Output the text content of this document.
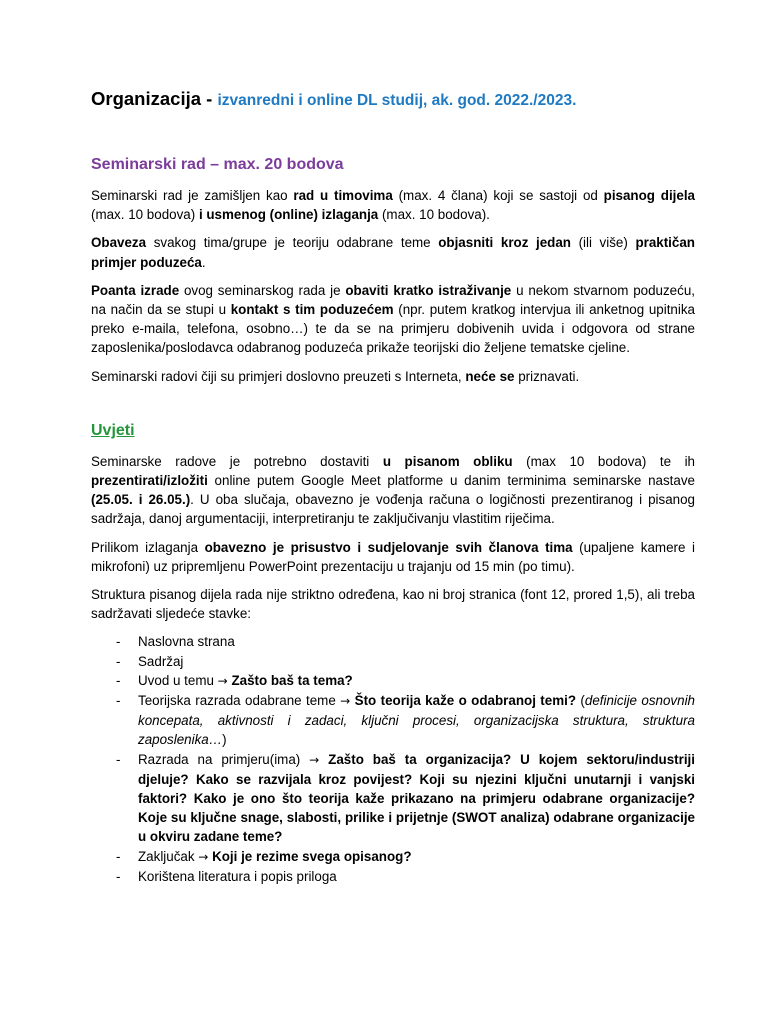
Organizacija - izvanredni i online DL studij, ak. god. 2022./2023.
Seminarski rad – max. 20 bodova

Seminarski rad je zamišljen kao rad u timovima (max. 4 člana) koji se sastoji od pisanog dijela (max. 10 bodova) i usmenog (online) izlaganja (max. 10 bodova).

Obaveza svakog tima/grupe je teoriju odabrane teme objasniti kroz jedan (ili više) praktičan primjer poduzeća.

Poanta izrade ovog seminarskog rada je obaviti kratko istraživanje u nekom stvarnom poduzeću, na način da se stupi u kontakt s tim poduzećem (npr. putem kratkog intervjua ili anketnog upitnika preko e-maila, telefona, osobno…) te da se na primjeru dobivenih uvida i odgovora od strane zaposlenika/poslodavca odabranog poduzeća prikaže teorijski dio željene tematske cjeline.

Seminarski radovi čiji su primjeri doslovno preuzeti s Interneta, neće se priznavati.

Uvjeti

Seminarske radove je potrebno dostaviti u pisanom obliku (max 10 bodova) te ih prezentirati/izložiti online putem Google Meet platforme u danim terminima seminarske nastave (25.05. i 26.05.). U oba slučaja, obavezno je vođenja računa o logičnosti prezentiranog i pisanog sadržaja, danoj argumentaciji, interpretiranju te zaključivanju vlastitim riječima.

Prilikom izlaganja obavezno je prisustvo i sudjelovanje svih članova tima (upaljene kamere i mikrofoni) uz pripremljenu PowerPoint prezentaciju u trajanju od 15 min (po timu).

Struktura pisanog dijela rada nije striktno određena, kao ni broj stranica (font 12, prored 1,5), ali treba sadržavati sljedeće stavke:

- Naslovna strana
- Sadržaj
- Uvod u temu → Zašto baš ta tema?
- Teorijska razrada odabrane teme → Što teorija kaže o odabranoj temi? (definicije osnovnih koncepata, aktivnosti i zadaci, ključni procesi, organizacijska struktura, struktura zaposlenika…)
- Razrada na primjeru(ima) → Zašto baš ta organizacija? U kojem sektoru/industriji djeluje? Kako se razvijala kroz povijest? Koji su njezini ključni unutarnji i vanjski faktori? Kako je ono što teorija kaže prikazano na primjeru odabrane organizacije? Koje su ključne snage, slabosti, prilike i prijetnje (SWOT analiza) odabrane organizacije u okviru zadane teme?
- Zaključak → Koji je rezime svega opisanog?
- Korištena literatura i popis priloga
